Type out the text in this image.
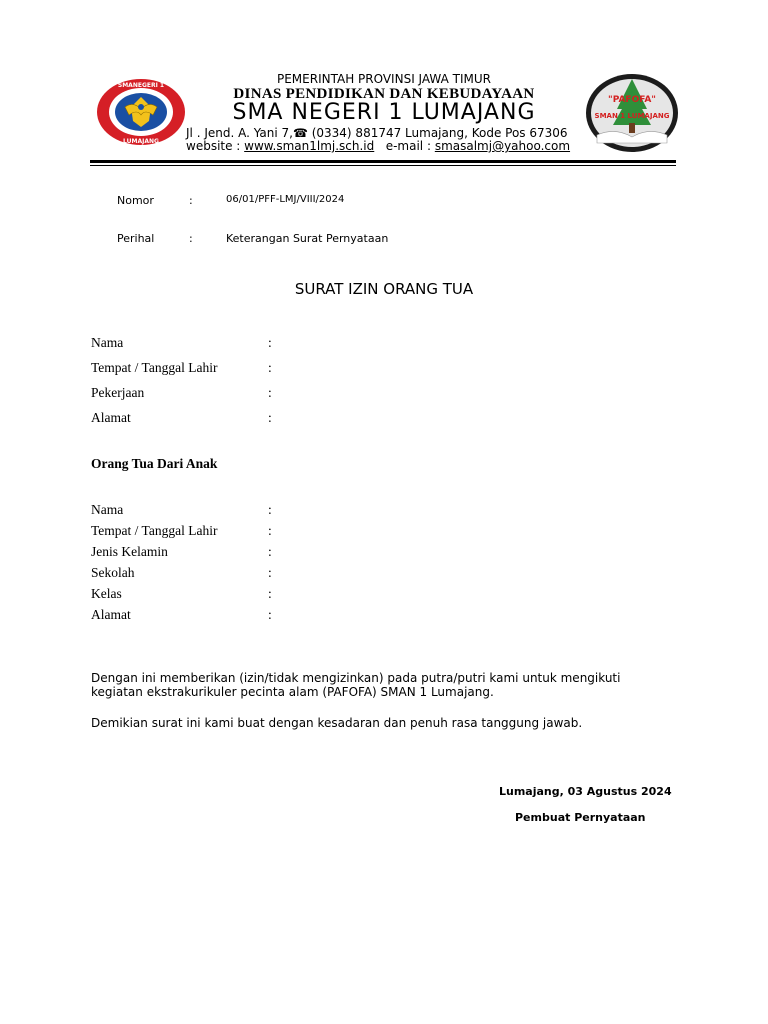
SMANEGERI 1
LUMAJANG
"PAFOFA"
SMAN 1 LUMAJANG
PEMERINTAH PROVINSI JAWA TIMUR
DINAS PENDIDIKAN DAN KEBUDAYAAN
SMA NEGERI 1 LUMAJANG
Jl . Jend. A. Yani 7,☎ (0334) 881747 Lumajang, Kode Pos 67306
website : www.sman1lmj.sch.id   e-mail : smasalmj@yahoo.com
Nomor	:	06/01/PFF-LMJ/VIII/2024
Perihal	:	Keterangan Surat Pernyataan
SURAT IZIN ORANG TUA
Nama	:
Tempat / Tanggal Lahir	:
Pekerjaan	:
Alamat	:
Orang Tua Dari Anak
Nama	:
Tempat / Tanggal Lahir	:
Jenis Kelamin	:
Sekolah	:
Kelas	:
Alamat	:
Dengan ini memberikan (izin/tidak mengizinkan) pada putra/putri kami untuk mengikuti
kegiatan ekstrakurikuler pecinta alam (PAFOFA) SMAN 1 Lumajang.
Demikian surat ini kami buat dengan kesadaran dan penuh rasa tanggung jawab.
Lumajang, 03 Agustus 2024
Pembuat Pernyataan
